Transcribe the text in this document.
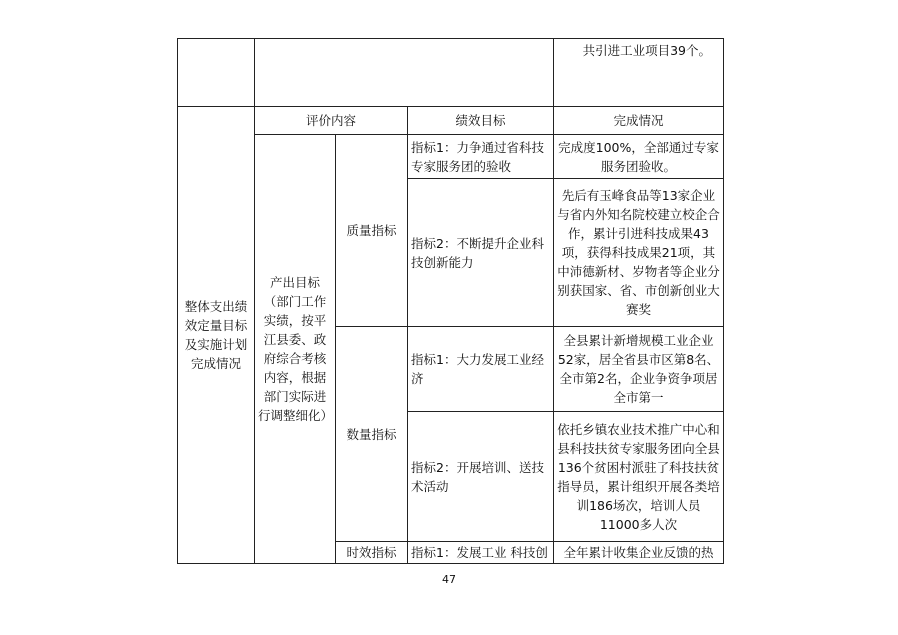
				共引进工业项目39个。
整体支出绩效定量目标及实施计划完成情况	评价内容		绩效目标	完成情况
	产出目标（部门工作实绩，按平江县委、政府综合考核内容，根据部门实际进行调整细化）	质量指标	指标1：力争通过省科技专家服务团的验收	完成度100%，全部通过专家服务团验收。
			指标2：不断提升企业科技创新能力	先后有玉峰食品等13家企业与省内外知名院校建立校企合作，累计引进科技成果43项，获得科技成果21项，其中沛德新材、岁物者等企业分别获国家、省、市创新创业大赛奖
		数量指标	指标1：大力发展工业经济	全县累计新增规模工业企业52家，居全省县市区第8名、全市第2名，企业争资争项居全市第一
			指标2：开展培训、送技术活动	依托乡镇农业技术推广中心和县科技扶贫专家服务团向全县136个贫困村派驻了科技扶贫指导员，累计组织开展各类培训186场次，培训人员11000多人次
		时效指标	指标1：发展工业 科技创	全年累计收集企业反馈的热
47
